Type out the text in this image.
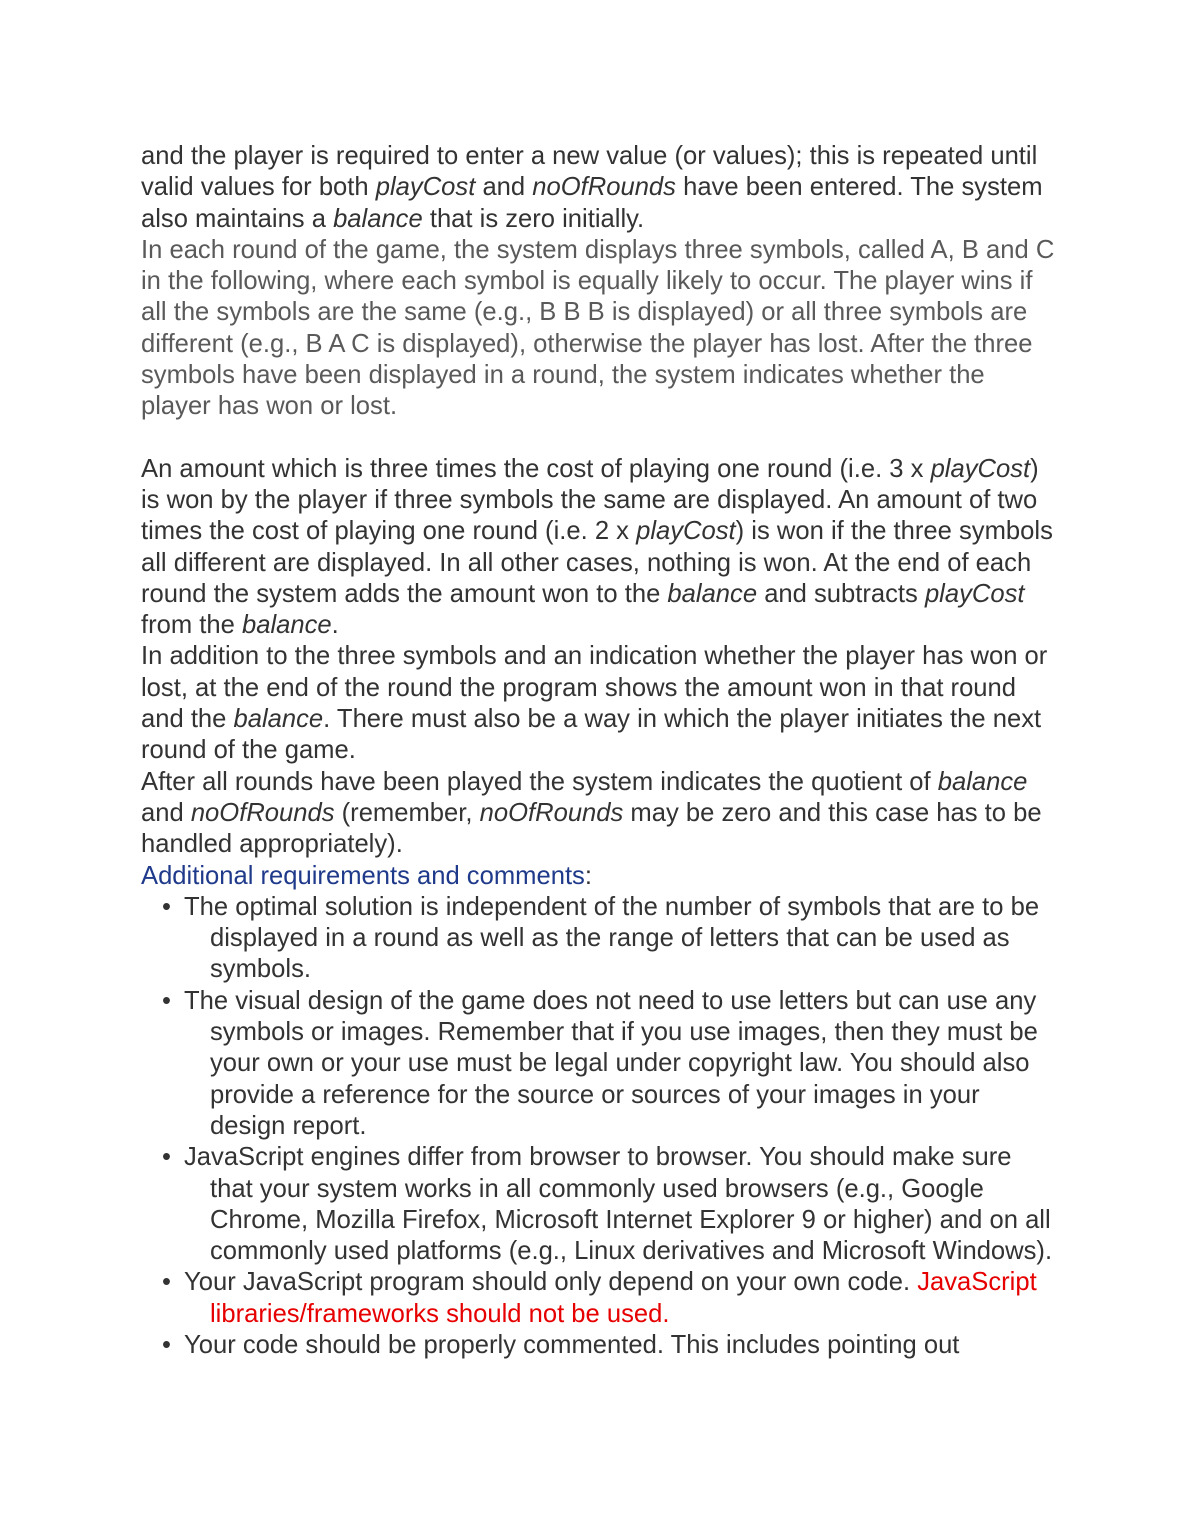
and the player is required to enter a new value (or values); this is repeated until valid values for both playCost and noOfRounds have been entered. The system also maintains a balance that is zero initially.

In each round of the game, the system displays three symbols, called A, B and C in the following, where each symbol is equally likely to occur. The player wins if all the symbols are the same (e.g., B B B is displayed) or all three symbols are different (e.g., B A C is displayed), otherwise the player has lost. After the three symbols have been displayed in a round, the system indicates whether the player has won or lost.

An amount which is three times the cost of playing one round (i.e. 3 x playCost) is won by the player if three symbols the same are displayed. An amount of two times the cost of playing one round (i.e. 2 x playCost) is won if the three symbols all different are displayed. In all other cases, nothing is won. At the end of each round the system adds the amount won to the balance and subtracts playCost from the balance.

In addition to the three symbols and an indication whether the player has won or lost, at the end of the round the program shows the amount won in that round and the balance. There must also be a way in which the player initiates the next round of the game.

After all rounds have been played the system indicates the quotient of balance and noOfRounds (remember, noOfRounds may be zero and this case has to be handled appropriately).

Additional requirements and comments:

• The optimal solution is independent of the number of symbols that are to be displayed in a round as well as the range of letters that can be used as symbols.
• The visual design of the game does not need to use letters but can use any symbols or images. Remember that if you use images, then they must be your own or your use must be legal under copyright law. You should also provide a reference for the source or sources of your images in your design report.
• JavaScript engines differ from browser to browser. You should make sure that your system works in all commonly used browsers (e.g., Google Chrome, Mozilla Firefox, Microsoft Internet Explorer 9 or higher) and on all commonly used platforms (e.g., Linux derivatives and Microsoft Windows).
• Your JavaScript program should only depend on your own code. JavaScript libraries/frameworks should not be used.
• Your code should be properly commented. This includes pointing out
